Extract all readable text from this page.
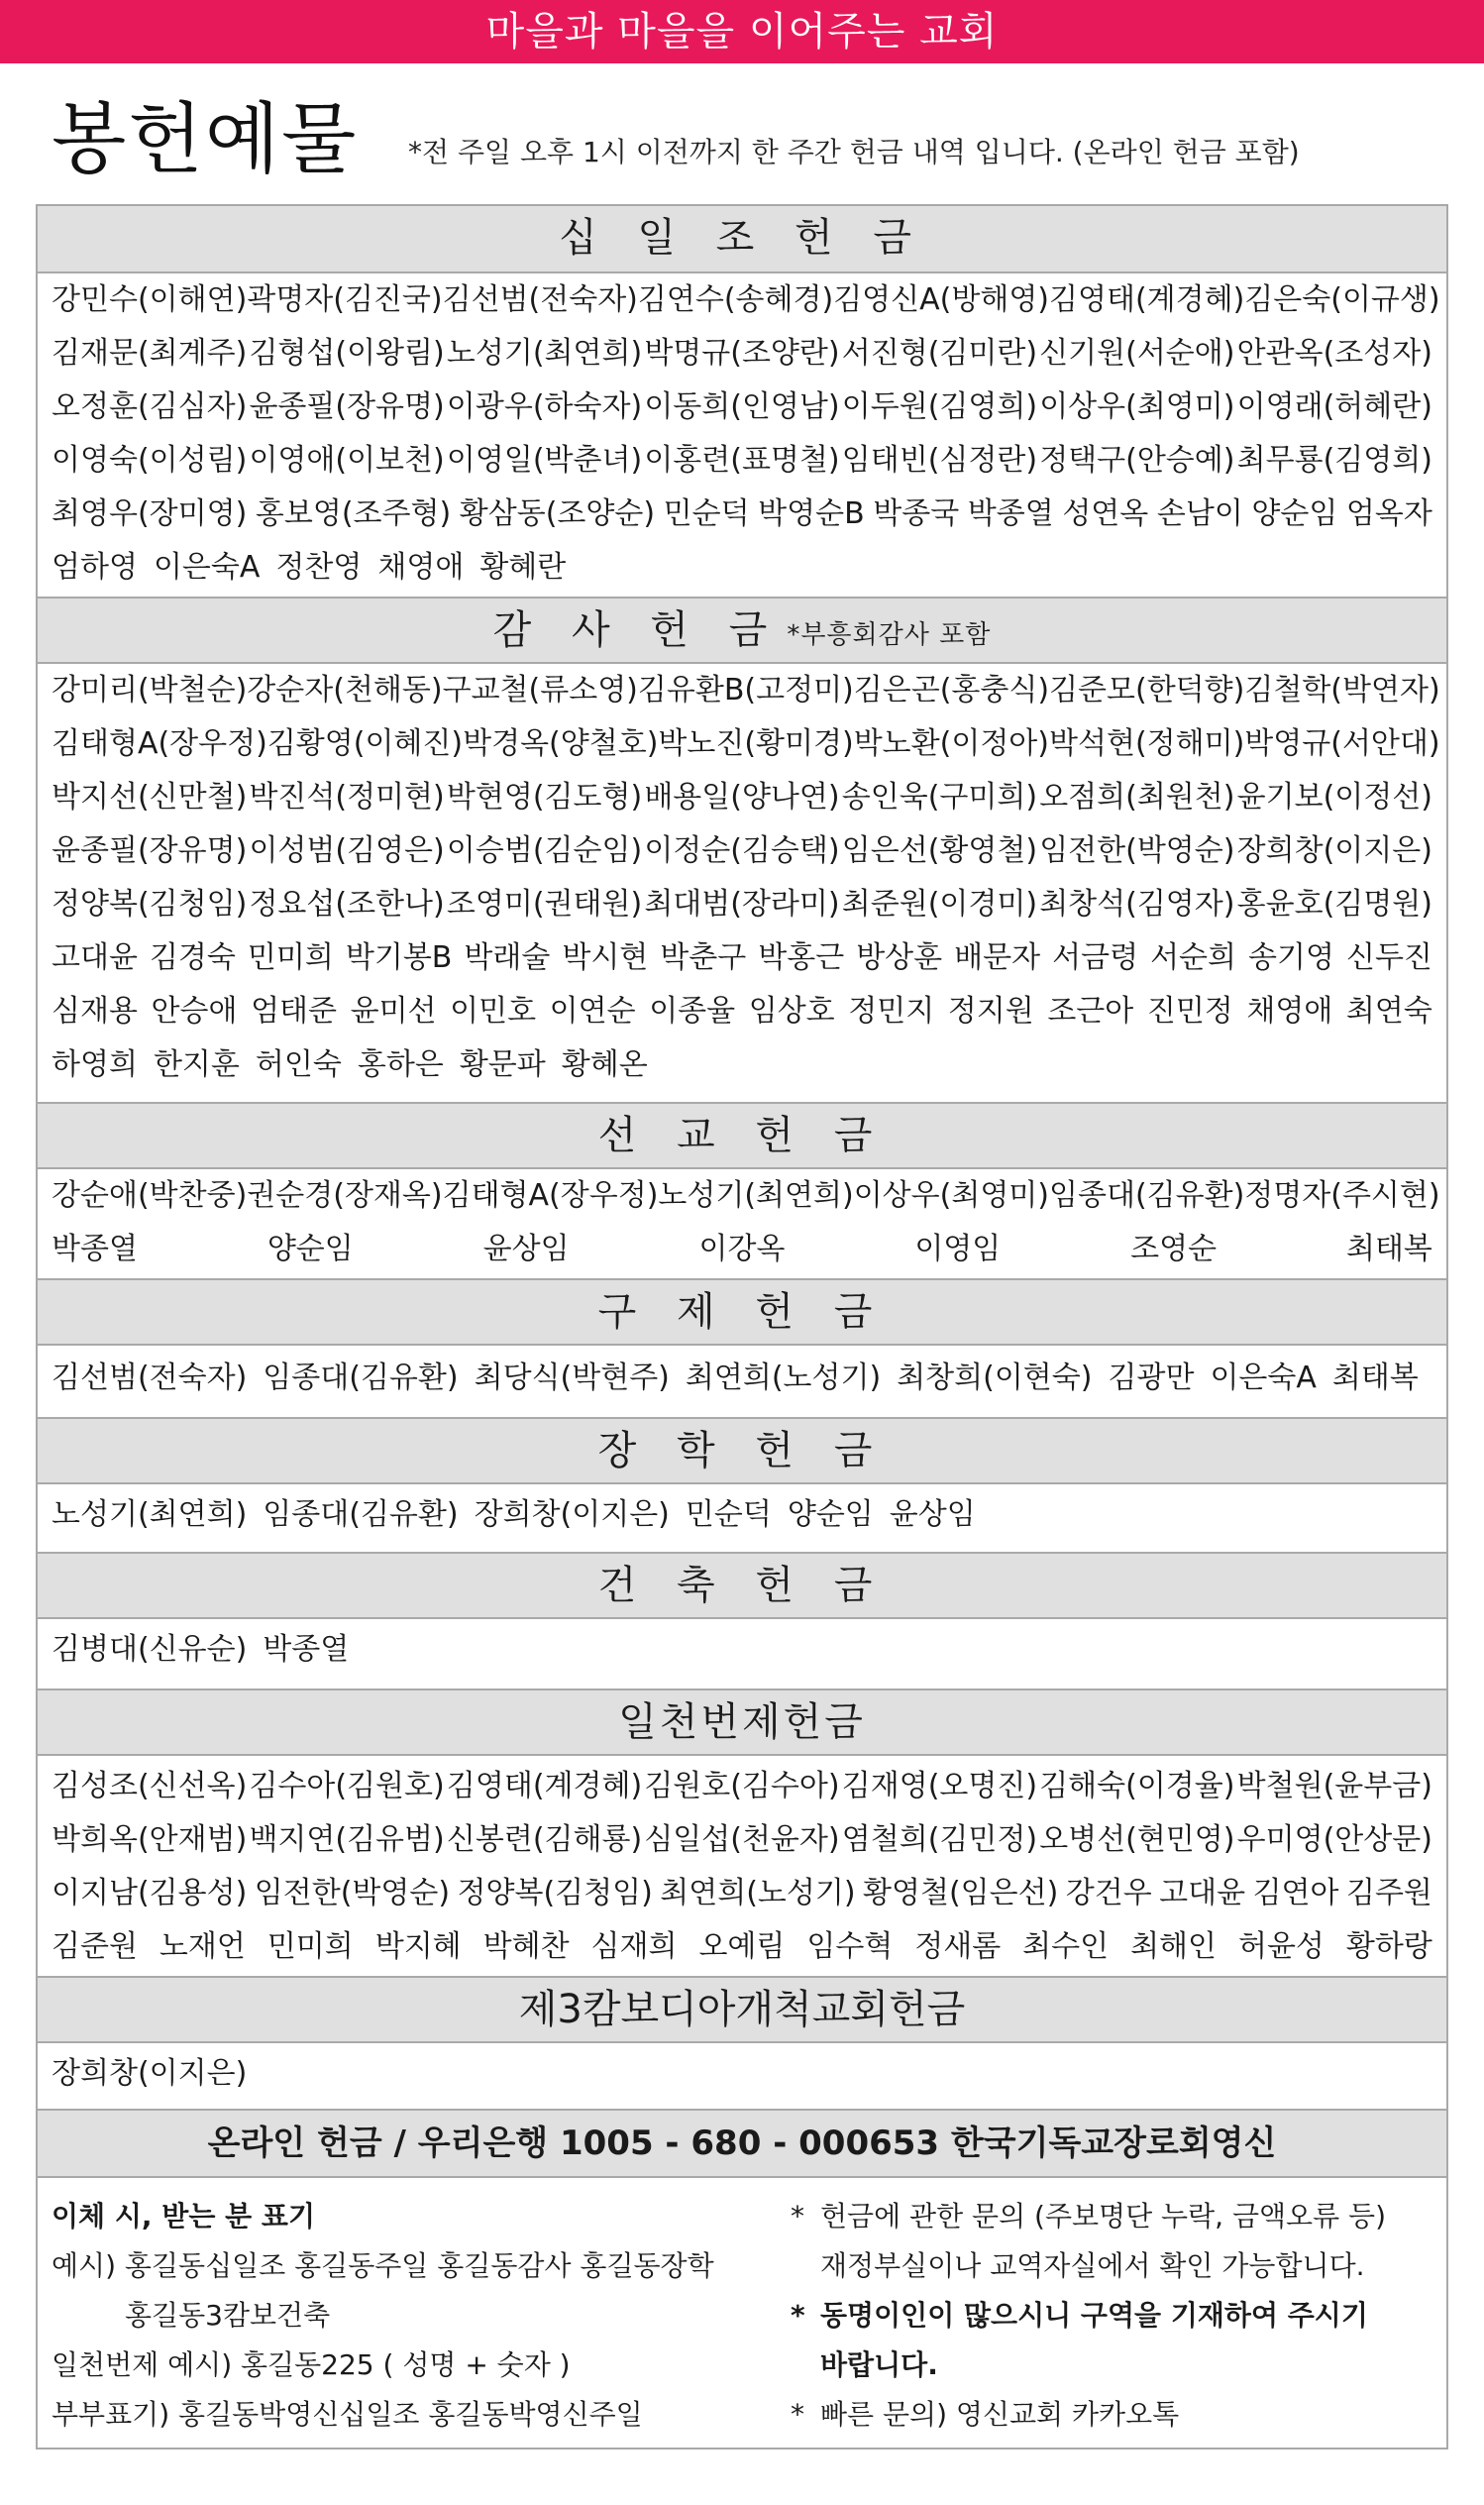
마을과 마을을 이어주는 교회
봉헌예물 *전 주일 오후 1시 이전까지 한 주간 헌금 내역 입니다. (온라인 헌금 포함)
십 일 조 헌 금
강민수(이해연) 곽명자(김진국) 김선범(전숙자) 김연수(송혜경) 김영신A(방해영) 김영태(계경혜) 김은숙(이규생)
김재문(최계주) 김형섭(이왕림) 노성기(최연희) 박명규(조양란) 서진형(김미란) 신기원(서순애) 안관옥(조성자)
오정훈(김심자) 윤종필(장유명) 이광우(하숙자) 이동희(인영남) 이두원(김영희) 이상우(최영미) 이영래(허혜란)
이영숙(이성림) 이영애(이보천) 이영일(박춘녀) 이홍련(표명철) 임태빈(심정란) 정택구(안승예) 최무룡(김영희)
최영우(장미영) 홍보영(조주형) 황삼동(조양순) 민순덕 박영순B 박종국 박종열 성연옥 손남이 양순임 엄옥자
엄하영 이은숙A 정찬영 채영애 황혜란
감 사 헌 금 *부흥회감사 포함
강미리(박철순) 강순자(천해동) 구교철(류소영) 김유환B(고정미) 김은곤(홍충식) 김준모(한덕향) 김철학(박연자)
김태형A(장우정) 김황영(이혜진) 박경옥(양철호) 박노진(황미경) 박노환(이정아) 박석현(정해미) 박영규(서안대)
박지선(신만철) 박진석(정미현) 박현영(김도형) 배용일(양나연) 송인욱(구미희) 오점희(최원천) 윤기보(이정선)
윤종필(장유명) 이성범(김영은) 이승범(김순임) 이정순(김승택) 임은선(황영철) 임전한(박영순) 장희창(이지은)
정양복(김청임) 정요섭(조한나) 조영미(권태원) 최대범(장라미) 최준원(이경미) 최창석(김영자) 홍윤호(김명원)
고대윤 김경숙 민미희 박기봉B 박래술 박시현 박춘구 박홍근 방상훈 배문자 서금령 서순희 송기영 신두진
심재용 안승애 엄태준 윤미선 이민호 이연순 이종율 임상호 정민지 정지원 조근아 진민정 채영애 최연숙
하영희 한지훈 허인숙 홍하은 황문파 황혜온
선 교 헌 금
강순애(박찬중) 권순경(장재옥) 김태형A(장우정) 노성기(최연희) 이상우(최영미) 임종대(김유환) 정명자(주시현)
박종열	양순임	윤상임	이강옥	이영임	조영순	최태복
구 제 헌 금
김선범(전숙자) 임종대(김유환) 최당식(박현주) 최연희(노성기) 최창희(이현숙) 김광만 이은숙A 최태복
장 학 헌 금
노성기(최연희) 임종대(김유환) 장희창(이지은) 민순덕 양순임 윤상임
건 축 헌 금
김병대(신유순) 박종열
일천번제헌금
김성조(신선옥) 김수아(김원호) 김영태(계경혜) 김원호(김수아) 김재영(오명진) 김해숙(이경율) 박철원(윤부금)
박희옥(안재범) 백지연(김유범) 신봉련(김해룡) 심일섭(천윤자) 염철희(김민정) 오병선(현민영) 우미영(안상문)
이지남(김용성) 임전한(박영순) 정양복(김청임) 최연희(노성기) 황영철(임은선) 강건우 고대윤 김연아 김주원
김준원 노재언 민미희 박지혜 박혜찬 심재희 오예림 임수혁 정새롬 최수인 최해인 허윤성 황하랑
제3캄보디아개척교회헌금
장희창(이지은)
온라인 헌금 / 우리은행 1005 - 680 - 000653 한국기독교장로회영신
이체 시, 받는 분 표기
예시) 홍길동십일조 홍길동주일 홍길동감사 홍길동장학
홍길동3캄보건축
일천번제 예시) 홍길동225 ( 성명 + 숫자 )
부부표기) 홍길동박영신십일조 홍길동박영신주일
* 헌금에 관한 문의 (주보명단 누락, 금액오류 등)
재정부실이나 교역자실에서 확인 가능합니다.
* 동명이인이 많으시니 구역을 기재하여 주시기
바랍니다.
* 빠른 문의) 영신교회 카카오톡
